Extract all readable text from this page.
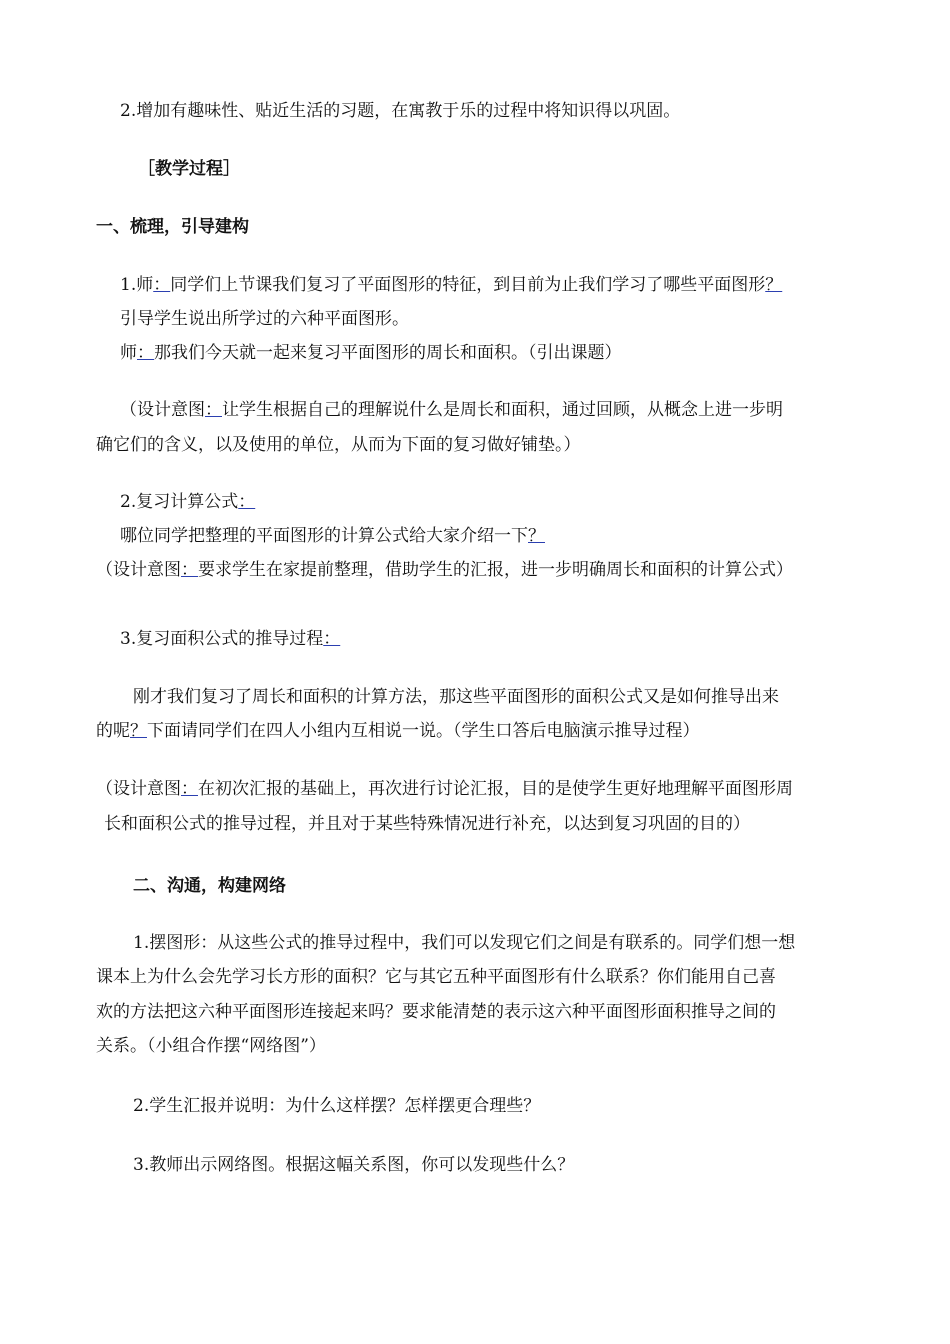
2.增加有趣味性、贴近生活的习题，在寓教于乐的过程中将知识得以巩固。
［教学过程］
一、梳理，引导建构
1.师：同学们上节课我们复习了平面图形的特征，到目前为止我们学习了哪些平面图形？
引导学生说出所学过的六种平面图形。
师：那我们今天就一起来复习平面图形的周长和面积。（引出课题）
（设计意图：让学生根据自己的理解说什么是周长和面积，通过回顾，从概念上进一步明
确它们的含义，以及使用的单位，从而为下面的复习做好铺垫。）
2.复习计算公式：
哪位同学把整理的平面图形的计算公式给大家介绍一下？
（设计意图：要求学生在家提前整理，借助学生的汇报，进一步明确周长和面积的计算公式）
3.复习面积公式的推导过程：
刚才我们复习了周长和面积的计算方法，那这些平面图形的面积公式又是如何推导出来
的呢？下面请同学们在四人小组内互相说一说。（学生口答后电脑演示推导过程）
（设计意图：在初次汇报的基础上，再次进行讨论汇报，目的是使学生更好地理解平面图形周
长和面积公式的推导过程，并且对于某些特殊情况进行补充，以达到复习巩固的目的）
二、沟通，构建网络
1.摆图形：从这些公式的推导过程中，我们可以发现它们之间是有联系的。同学们想一想
课本上为什么会先学习长方形的面积？它与其它五种平面图形有什么联系？你们能用自己喜
欢的方法把这六种平面图形连接起来吗？要求能清楚的表示这六种平面图形面积推导之间的
关系。（小组合作摆“网络图”）
2.学生汇报并说明：为什么这样摆？怎样摆更合理些？
3.教师出示网络图。根据这幅关系图，你可以发现些什么？
